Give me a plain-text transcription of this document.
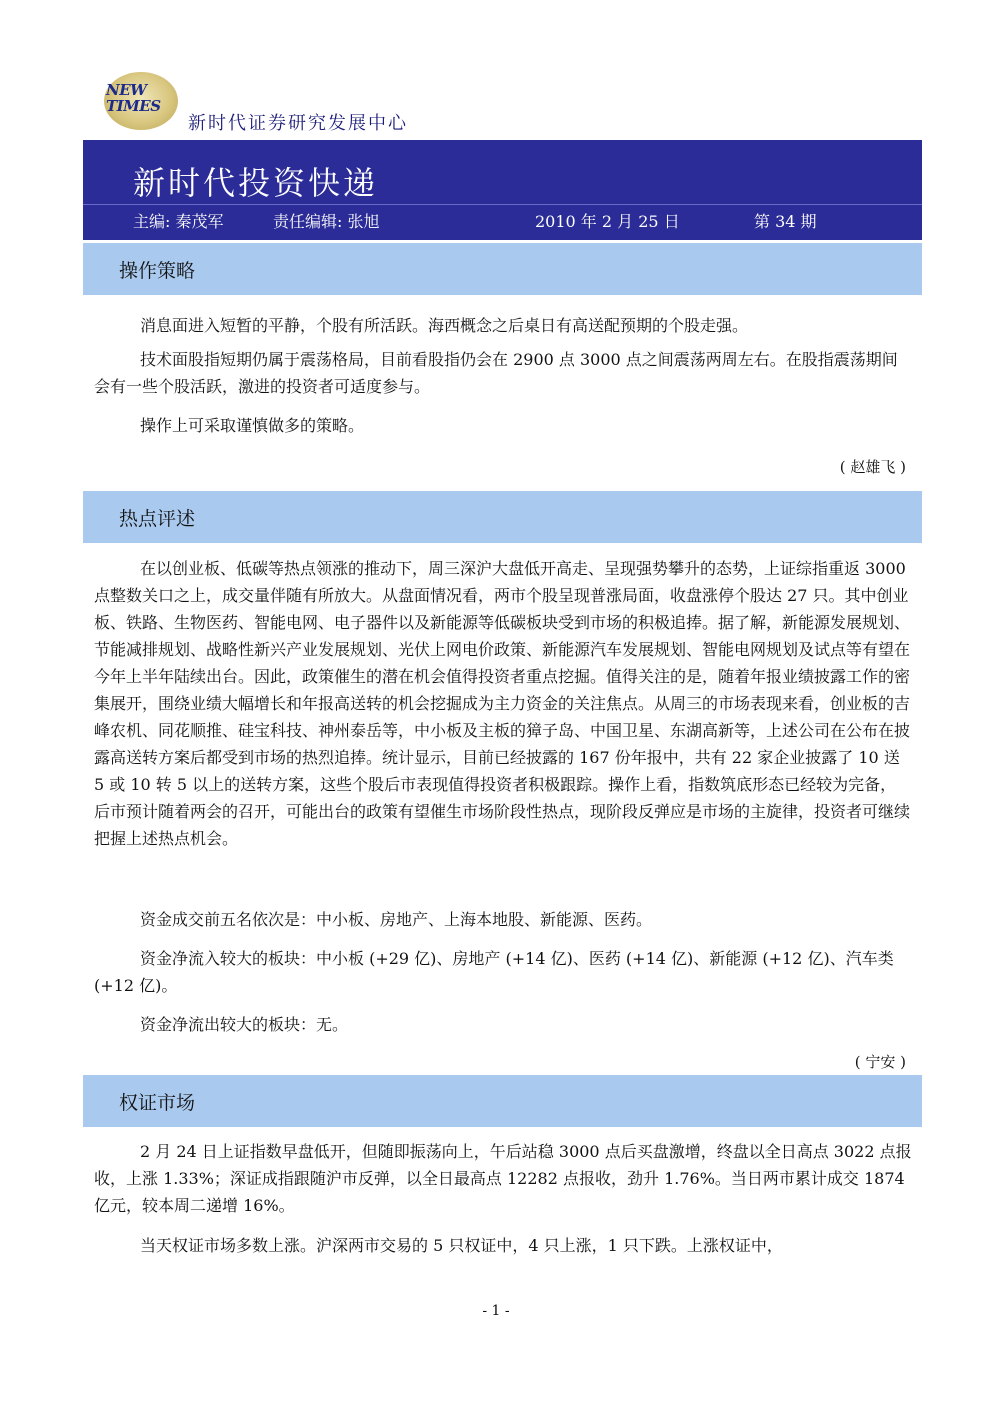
NEW
TIMES
新时代证券研究发展中心
新时代投资快递
主编: 秦茂军	责任编辑: 张旭	2010 年 2 月 25 日	第 34 期
操作策略

消息面进入短暂的平静，个股有所活跃。海西概念之后桌日有高送配预期的个股走强。

技术面股指短期仍属于震荡格局，目前看股指仍会在 2900 点 3000 点之间震荡两周左右。在股指震荡期间会有一些个股活跃，激进的投资者可适度参与。

操作上可采取谨慎做多的策略。

( 赵雄飞 )
热点评述

在以创业板、低碳等热点领涨的推动下，周三深沪大盘低开高走、呈现强势攀升的态势，上证综指重返 3000 点整数关口之上，成交量伴随有所放大。从盘面情况看，两市个股呈现普涨局面，收盘涨停个股达 27 只。其中创业板、铁路、生物医药、智能电网、电子器件以及新能源等低碳板块受到市场的积极追捧。据了解，新能源发展规划、节能减排规划、战略性新兴产业发展规划、光伏上网电价政策、新能源汽车发展规划、智能电网规划及试点等有望在今年上半年陆续出台。因此，政策催生的潜在机会值得投资者重点挖掘。值得关注的是，随着年报业绩披露工作的密集展开，围绕业绩大幅增长和年报高送转的机会挖掘成为主力资金的关注焦点。从周三的市场表现来看，创业板的吉峰农机、同花顺推、硅宝科技、神州泰岳等，中小板及主板的獐子岛、中国卫星、东湖高新等，上述公司在公布在披露高送转方案后都受到市场的热烈追捧。统计显示，目前已经披露的 167 份年报中，共有 22 家企业披露了 10 送 5 或 10 转 5 以上的送转方案，这些个股后市表现值得投资者积极跟踪。操作上看，指数筑底形态已经较为完备，后市预计随着两会的召开，可能出台的政策有望催生市场阶段性热点，现阶段反弹应是市场的主旋律，投资者可继续把握上述热点机会。

资金成交前五名依次是：中小板、房地产、上海本地股、新能源、医药。

资金净流入较大的板块：中小板 (+29 亿)、房地产 (+14 亿)、医药 (+14 亿)、新能源 (+12 亿)、汽车类 (+12 亿)。

资金净流出较大的板块：无。

( 宁安 )
权证市场

2 月 24 日上证指数早盘低开，但随即振荡向上，午后站稳 3000 点后买盘激增，终盘以全日高点 3022 点报收，上涨 1.33%；深证成指跟随沪市反弹，以全日最高点 12282 点报收，劲升 1.76%。当日两市累计成交 1874 亿元，较本周二递增 16%。

当天权证市场多数上涨。沪深两市交易的 5 只权证中，4 只上涨，1 只下跌。上涨权证中，

- 1 -
